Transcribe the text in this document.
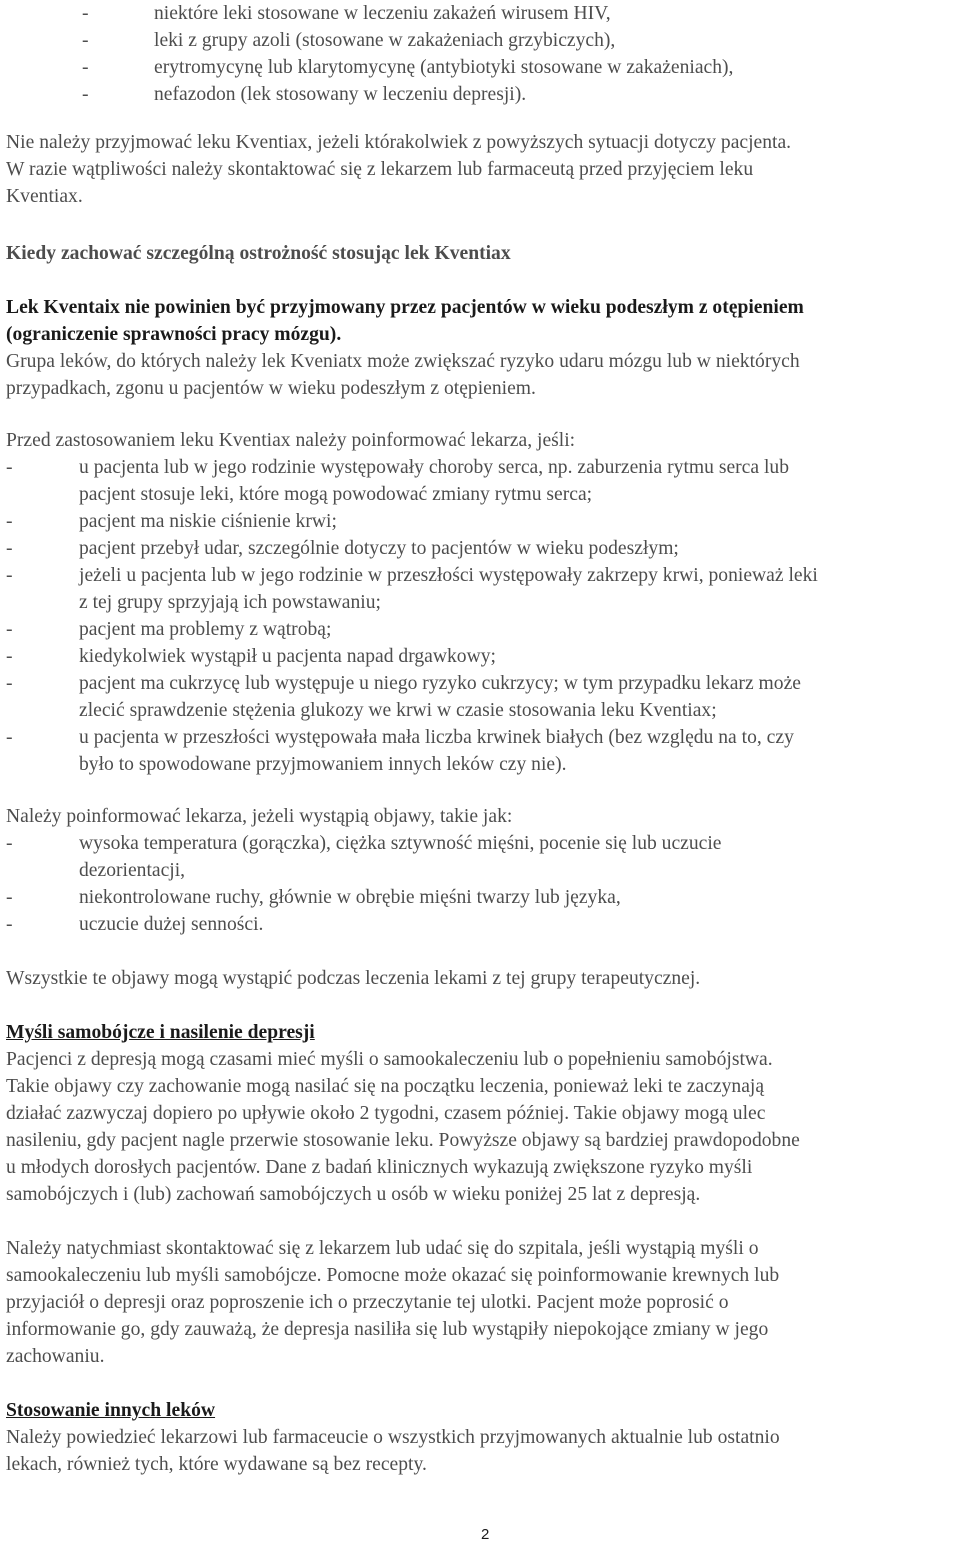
-	niektóre leki stosowane w leczeniu zakażeń wirusem HIV,
-	leki z grupy azoli (stosowane w zakażeniach grzybiczych),
-	erytromycynę lub klarytomycynę (antybiotyki stosowane w zakażeniach),
-	nefazodon (lek stosowany w leczeniu depresji).
Nie należy przyjmować leku Kventiax, jeżeli którakolwiek z powyższych sytuacji dotyczy pacjenta.
W razie wątpliwości należy skontaktować się z lekarzem lub farmaceutą przed przyjęciem leku
Kventiax.
Kiedy zachować szczególną ostrożność stosując lek Kventiax
Lek Kventaix nie powinien być przyjmowany przez pacjentów w wieku podeszłym z otępieniem
(ograniczenie sprawności pracy mózgu).
Grupa leków, do których należy lek Kveniatx może zwiększać ryzyko udaru mózgu lub w niektórych
przypadkach, zgonu u pacjentów w wieku podeszłym z otępieniem.
Przed zastosowaniem leku Kventiax należy poinformować lekarza, jeśli:
-	u pacjenta lub w jego rodzinie występowały choroby serca, np. zaburzenia rytmu serca lub
pacjent stosuje leki, które mogą powodować zmiany rytmu serca;
-	pacjent ma niskie ciśnienie krwi;
-	pacjent przebył udar, szczególnie dotyczy to pacjentów w wieku podeszłym;
-	jeżeli u pacjenta lub w jego rodzinie w przeszłości występowały zakrzepy krwi, ponieważ leki
z tej grupy sprzyjają ich powstawaniu;
-	pacjent ma problemy z wątrobą;
-	kiedykolwiek wystąpił u pacjenta napad drgawkowy;
-	pacjent ma cukrzycę lub występuje u niego ryzyko cukrzycy; w tym przypadku lekarz może
zlecić sprawdzenie stężenia glukozy we krwi w czasie stosowania leku Kventiax;
-	u pacjenta w przeszłości występowała mała liczba krwinek białych (bez względu na to, czy
było to spowodowane przyjmowaniem innych leków czy nie).
Należy poinformować lekarza, jeżeli wystąpią objawy, takie jak:
-	wysoka temperatura (gorączka), ciężka sztywność mięśni, pocenie się lub uczucie
dezorientacji,
-	niekontrolowane ruchy, głównie w obrębie mięśni twarzy lub języka,
-	uczucie dużej senności.
Wszystkie te objawy mogą wystąpić podczas leczenia lekami z tej grupy terapeutycznej.
Myśli samobójcze i nasilenie depresji
Pacjenci z depresją mogą czasami mieć myśli o samookaleczeniu lub o popełnieniu samobójstwa.
Takie objawy czy zachowanie mogą nasilać się na początku leczenia, ponieważ leki te zaczynają
działać zazwyczaj dopiero po upływie około 2 tygodni, czasem później. Takie objawy mogą ulec
nasileniu, gdy pacjent nagle przerwie stosowanie leku. Powyższe objawy są bardziej prawdopodobne
u młodych dorosłych pacjentów. Dane z badań klinicznych wykazują zwiększone ryzyko myśli
samobójczych i (lub) zachowań samobójczych u osób w wieku poniżej 25 lat z depresją.
Należy natychmiast skontaktować się z lekarzem lub udać się do szpitala, jeśli wystąpią myśli o
samookaleczeniu lub myśli samobójcze. Pomocne może okazać się poinformowanie krewnych lub
przyjaciół o depresji oraz poproszenie ich o przeczytanie tej ulotki. Pacjent może poprosić o
informowanie go, gdy zauważą, że depresja nasiliła się lub wystąpiły niepokojące zmiany w jego
zachowaniu.
Stosowanie innych leków
Należy powiedzieć lekarzowi lub farmaceucie o wszystkich przyjmowanych aktualnie lub ostatnio
lekach, również tych, które wydawane są bez recepty.
2
